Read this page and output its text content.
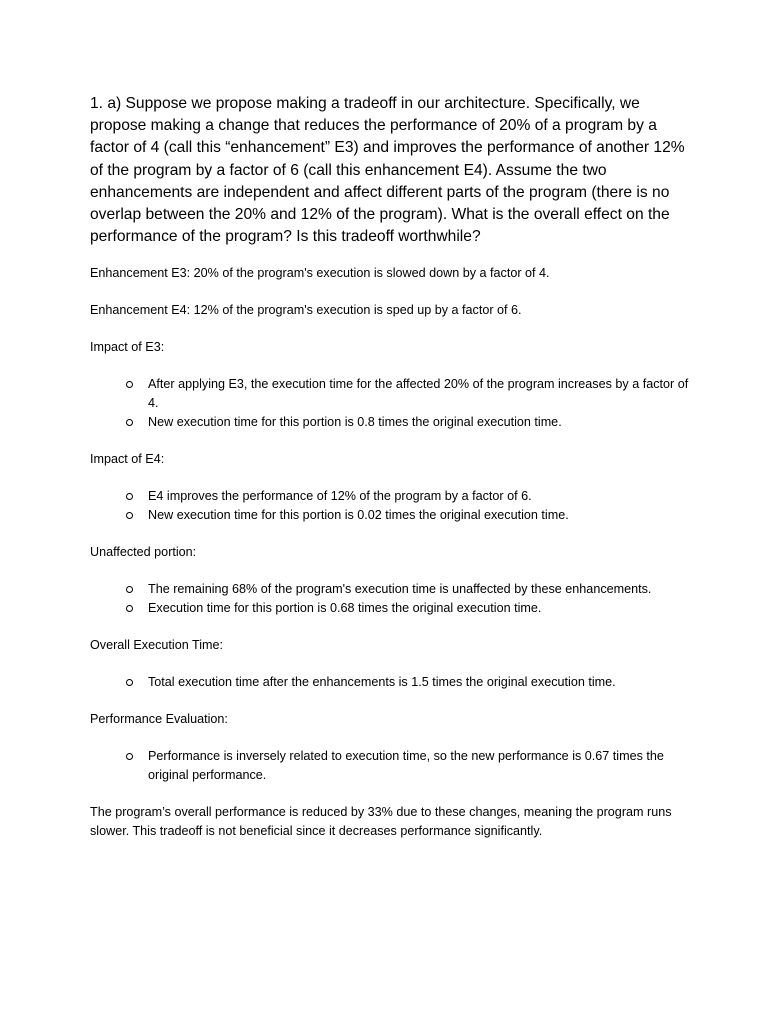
1. a) Suppose we propose making a tradeoff in our architecture. Specifically, we propose making a change that reduces the performance of 20% of a program by a factor of 4 (call this “enhancement” E3) and improves the performance of another 12% of the program by a factor of 6 (call this enhancement E4). Assume the two enhancements are independent and affect different parts of the program (there is no overlap between the 20% and 12% of the program). What is the overall effect on the performance of the program? Is this tradeoff worthwhile?

Enhancement E3: 20% of the program's execution is slowed down by a factor of 4.

Enhancement E4: 12% of the program's execution is sped up by a factor of 6.

Impact of E3:

After applying E3, the execution time for the affected 20% of the program increases by a factor of 4.
New execution time for this portion is 0.8 times the original execution time.

Impact of E4:

E4 improves the performance of 12% of the program by a factor of 6.
New execution time for this portion is 0.02 times the original execution time.

Unaffected portion:

The remaining 68% of the program's execution time is unaffected by these enhancements.
Execution time for this portion is 0.68 times the original execution time.

Overall Execution Time:

Total execution time after the enhancements is 1.5 times the original execution time.

Performance Evaluation:

Performance is inversely related to execution time, so the new performance is 0.67 times the original performance.

The program’s overall performance is reduced by 33% due to these changes, meaning the program runs slower. This tradeoff is not beneficial since it decreases performance significantly.
